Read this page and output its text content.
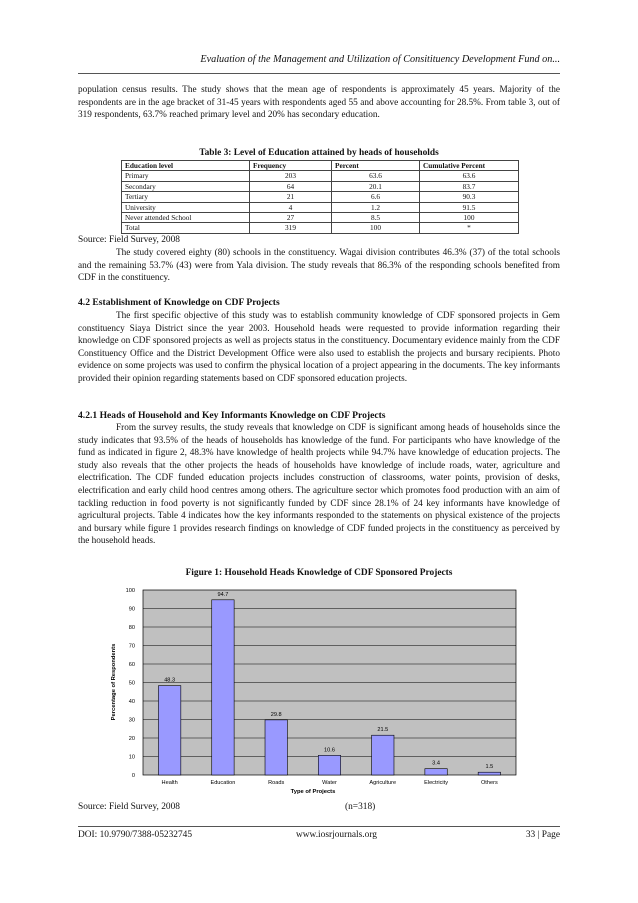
Evaluation of the Management and Utilization of Consitituency Development Fund on...

population census results. The study shows that the mean age of respondents is approximately 45 years. Majority of the respondents are in the age bracket of 31-45 years with respondents aged 55 and above accounting for 28.5%. From table 3, out of 319 respondents, 63.7% reached primary level and 20% has secondary education.

Table 3: Level of Education attained by heads of households
Education level	Frequency	Percent	Cumulative Percent
Primary	203	63.6	63.6
Secondary	64	20.1	83.7
Tertiary	21	6.6	90.3
University	4	1.2	91.5
Never attended School	27	8.5	100
Total	319	100	*
Source: Field Survey, 2008

The study covered eighty (80) schools in the constituency. Wagai division contributes 46.3% (37) of the total schools and the remaining 53.7% (43) were from Yala division. The study reveals that 86.3% of the responding schools benefited from CDF in the constituency.

4.2 Establishment of Knowledge on CDF Projects

The first specific objective of this study was to establish community knowledge of CDF sponsored projects in Gem constituency Siaya District since the year 2003. Household heads were requested to provide information regarding their knowledge on CDF sponsored projects as well as projects status in the constituency. Documentary evidence mainly from the CDF Constituency Office and the District Development Office were also used to establish the projects and bursary recipients. Photo evidence on some projects was used to confirm the physical location of a project appearing in the documents. The key informants provided their opinion regarding statements based on CDF sponsored education projects.

4.2.1 Heads of Household and Key Informants Knowledge on CDF Projects

From the survey results, the study reveals that knowledge on CDF is significant among heads of households since the study indicates that 93.5% of the heads of households has knowledge of the fund. For participants who have knowledge of the fund as indicated in figure 2, 48.3% have knowledge of health projects while 94.7% have knowledge of education projects. The study also reveals that the other projects the heads of households have knowledge of include roads, water, agriculture and electrification. The CDF funded education projects includes construction of classrooms, water points, provision of desks, electrification and early child hood centres among others. The agriculture sector which promotes food production with an aim of tackling reduction in food poverty is not significantly funded by CDF since 28.1% of 24 key informants have knowledge of agricultural projects. Table 4 indicates how the key informants responded to the statements on physical existence of the projects and bursary while figure 1 provides research findings on knowledge of CDF funded projects in the constituency as perceived by the household heads.

Figure 1: Household Heads Knowledge of CDF Sponsored Projects
0
10
20
30
40
50
60
70
80
90
100
48.3
94.7
29.8
10.6
21.5
3.4
1.5
Health	Education	Roads	Water	Agriculture	Electricity	Others
Type of Projects
Percentage of Respondents
Source: Field Survey, 2008	(n=318)
DOI: 10.9790/7388-05232745	www.iosrjournals.org	33 | Page
